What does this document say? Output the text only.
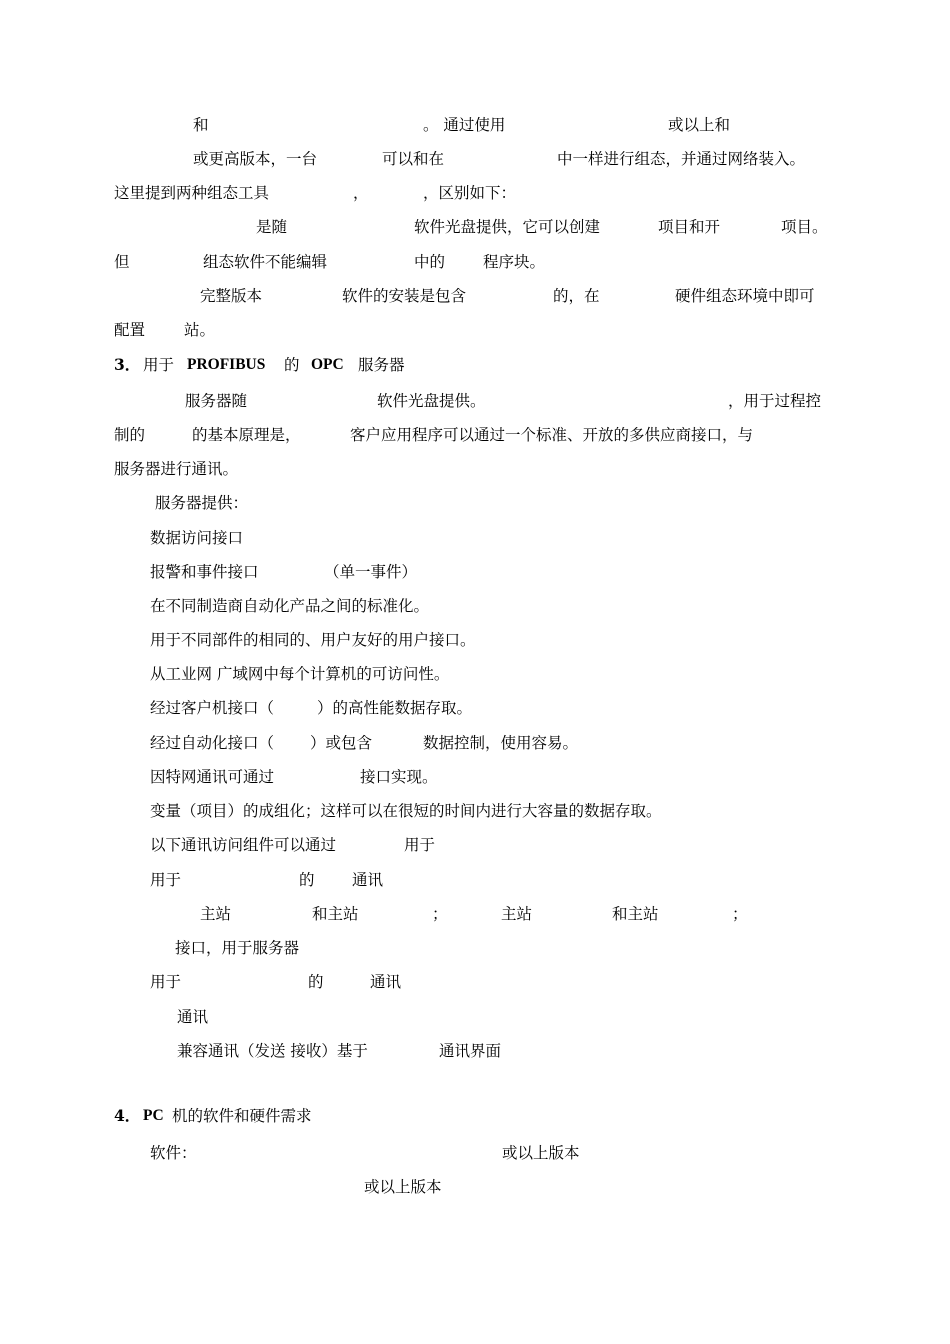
和	。 通过使用	或以上和
或更高版本，一台	可以和在	中一样进行组态，并通过网络装入。
这里提到两种组态工具	，	，区别如下：
是随	软件光盘提供，它可以创建	项目和开	项目。
但	组态软件不能编辑	中的 程序块。
完整版本	软件的安装是包含	的，在	硬件组态环境中即可
配置	站。
3． 用于 PROFIBUS 的 OPC 服务器
服务器随	软件光盘提供。	，用于过程控
制的	的基本原理是，	客户应用程序可以通过一个标准、开放的多供应商接口，与
服务器进行通讯。
服务器提供：
数据访问接口
报警和事件接口	（单一事件）
在不同制造商自动化产品之间的标准化。
用于不同部件的相同的、用户友好的用户接口。
从工业网 广域网中每个计算机的可访问性。
经过客户机接口（	）的高性能数据存取。
经过自动化接口（ ）或包含	数据控制，使用容易。
因特网通讯可通过	接口实现。
变量（项目）的成组化；这样可以在很短的时间内进行大容量的数据存取。
以下通讯访问组件可以通过	用于
用于	的 通讯
主站	和主站	；	主站	和主站	；
接口，用于服务器
用于	的	通讯
通讯
兼容通讯（发送 接收）基于	通讯界面
4． PC 机的软件和硬件需求
软件：	或以上版本
或以上版本
